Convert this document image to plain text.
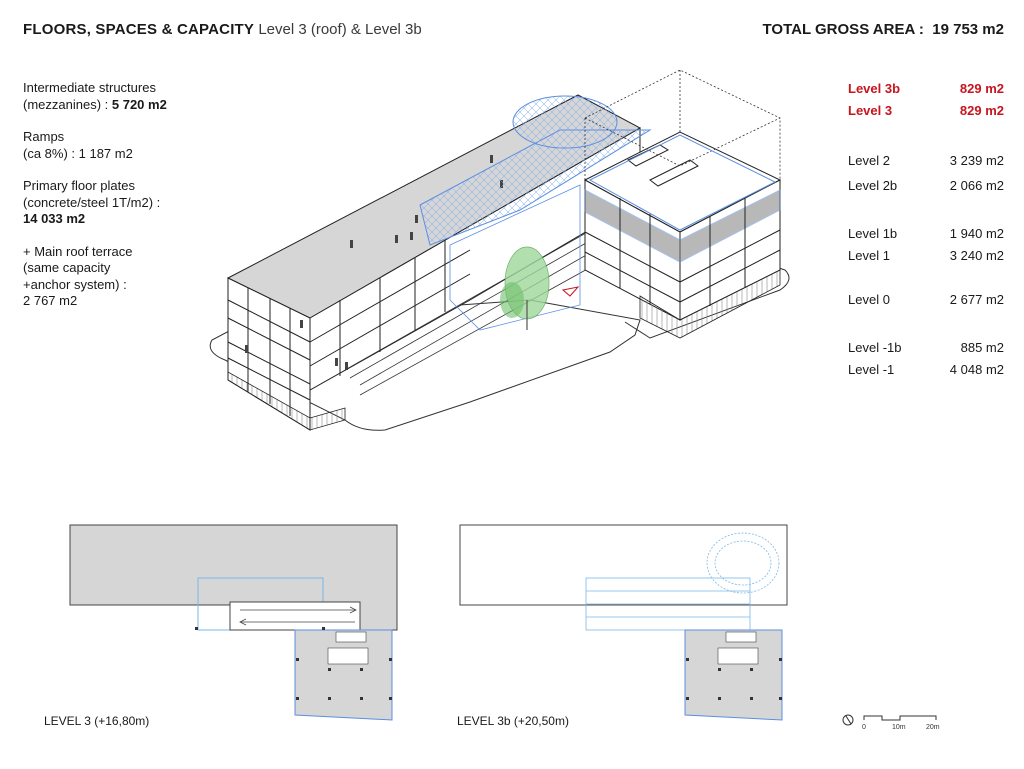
FLOORS, SPACES & CAPACITY Level 3 (roof) & Level 3b	TOTAL GROSS AREA : 19 753 m2

Intermediate structures
(mezzanines) : 5 720 m2

Ramps
(ca 8%) : 1 187 m2

Primary floor plates
(concrete/steel 1T/m2) :
14 033 m2

+ Main roof terrace
(same capacity
+anchor system) :
2 767 m2

Level 3b	829 m2
Level 3	829 m2
Level 2	3 239 m2
Level 2b	2 066 m2
Level 1b	1 940 m2
Level 1	3 240 m2
Level 0	2 677 m2
Level -1b	885 m2
Level -1	4 048 m2
0	10m	20m
LEVEL 3 (+16,80m)	LEVEL 3b (+20,50m)
